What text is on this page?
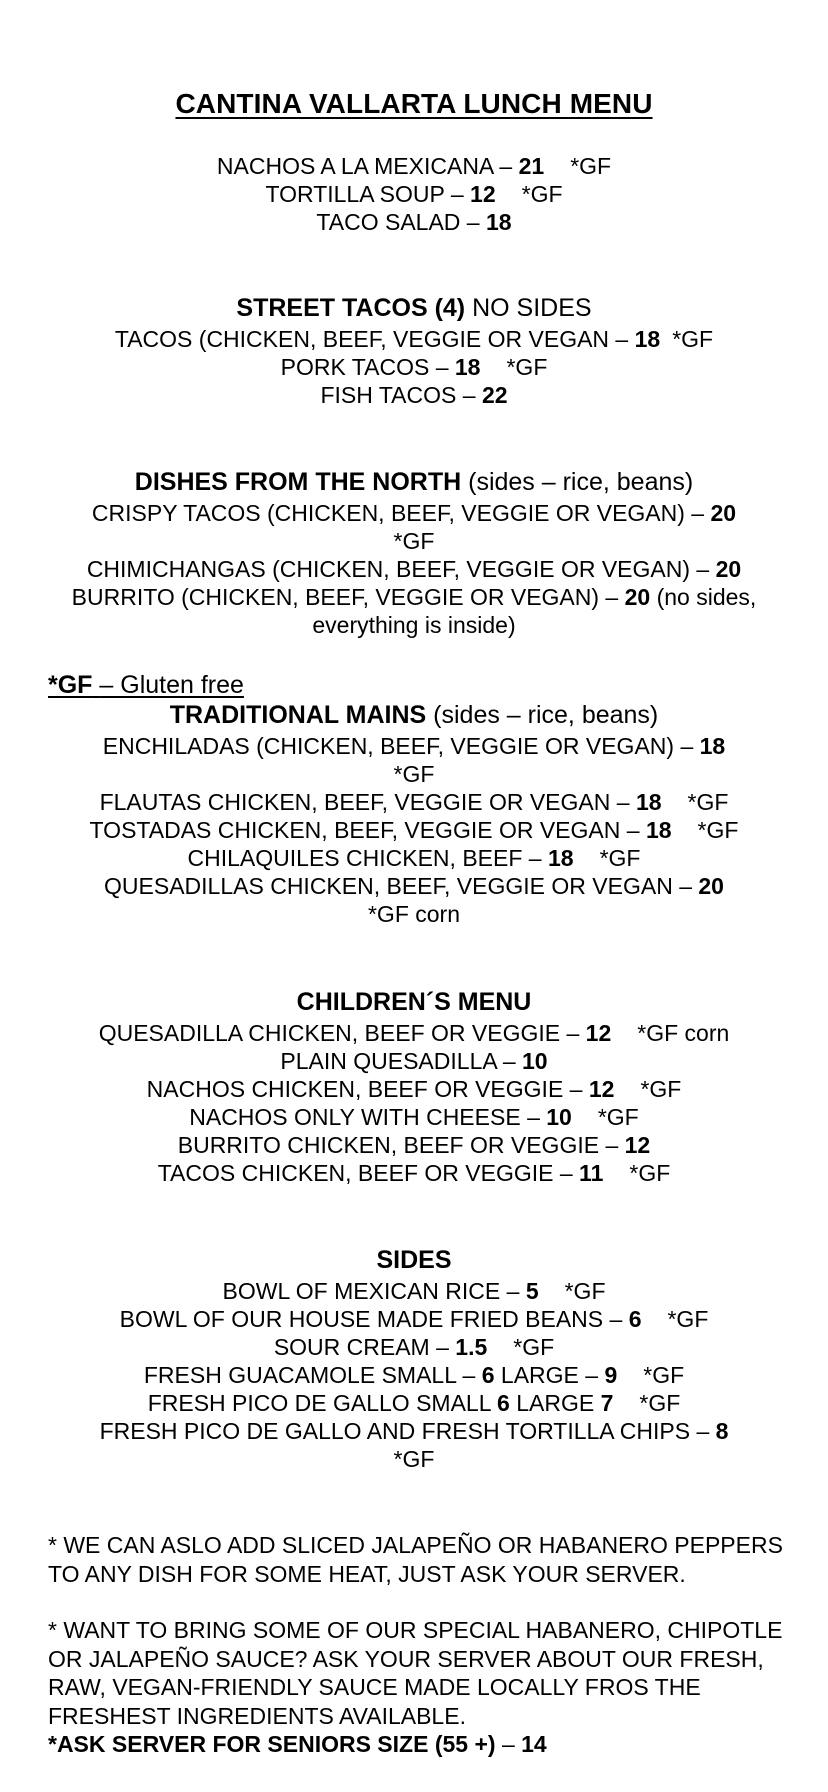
CANTINA VALLARTA LUNCH MENU
NACHOS A LA MEXICANA – 21 *GF
TORTILLA SOUP – 12 *GF
TACO SALAD – 18
STREET TACOS (4) NO SIDES
TACOS (CHICKEN, BEEF, VEGGIE OR VEGAN – 18 *GF
PORK TACOS – 18 *GF
FISH TACOS – 22
DISHES FROM THE NORTH (sides – rice, beans)
CRISPY TACOS (CHICKEN, BEEF, VEGGIE OR VEGAN) – 20
*GF
CHIMICHANGAS (CHICKEN, BEEF, VEGGIE OR VEGAN) – 20
BURRITO (CHICKEN, BEEF, VEGGIE OR VEGAN) – 20 (no sides,
everything is inside)
*GF – Gluten free
TRADITIONAL MAINS (sides – rice, beans)
ENCHILADAS (CHICKEN, BEEF, VEGGIE OR VEGAN) – 18
*GF
FLAUTAS CHICKEN, BEEF, VEGGIE OR VEGAN – 18 *GF
TOSTADAS CHICKEN, BEEF, VEGGIE OR VEGAN – 18 *GF
CHILAQUILES CHICKEN, BEEF – 18 *GF
QUESADILLAS CHICKEN, BEEF, VEGGIE OR VEGAN – 20
*GF corn
CHILDREN´S MENU
QUESADILLA CHICKEN, BEEF OR VEGGIE – 12 *GF corn
PLAIN QUESADILLA – 10
NACHOS CHICKEN, BEEF OR VEGGIE – 12 *GF
NACHOS ONLY WITH CHEESE – 10 *GF
BURRITO CHICKEN, BEEF OR VEGGIE – 12
TACOS CHICKEN, BEEF OR VEGGIE – 11 *GF
SIDES
BOWL OF MEXICAN RICE – 5 *GF
BOWL OF OUR HOUSE MADE FRIED BEANS – 6 *GF
SOUR CREAM – 1.5 *GF
FRESH GUACAMOLE SMALL – 6 LARGE – 9 *GF
FRESH PICO DE GALLO SMALL 6 LARGE 7 *GF
FRESH PICO DE GALLO AND FRESH TORTILLA CHIPS – 8
*GF
* WE CAN ASLO ADD SLICED JALAPEÑO OR HABANERO PEPPERS TO ANY DISH FOR SOME HEAT, JUST ASK YOUR SERVER.
* WANT TO BRING SOME OF OUR SPECIAL HABANERO, CHIPOTLE OR JALAPEÑO SAUCE? ASK YOUR SERVER ABOUT OUR FRESH, RAW, VEGAN-FRIENDLY SAUCE MADE LOCALLY FROS THE FRESHEST INGREDIENTS AVAILABLE.
*ASK SERVER FOR SENIORS SIZE (55 +) – 14
